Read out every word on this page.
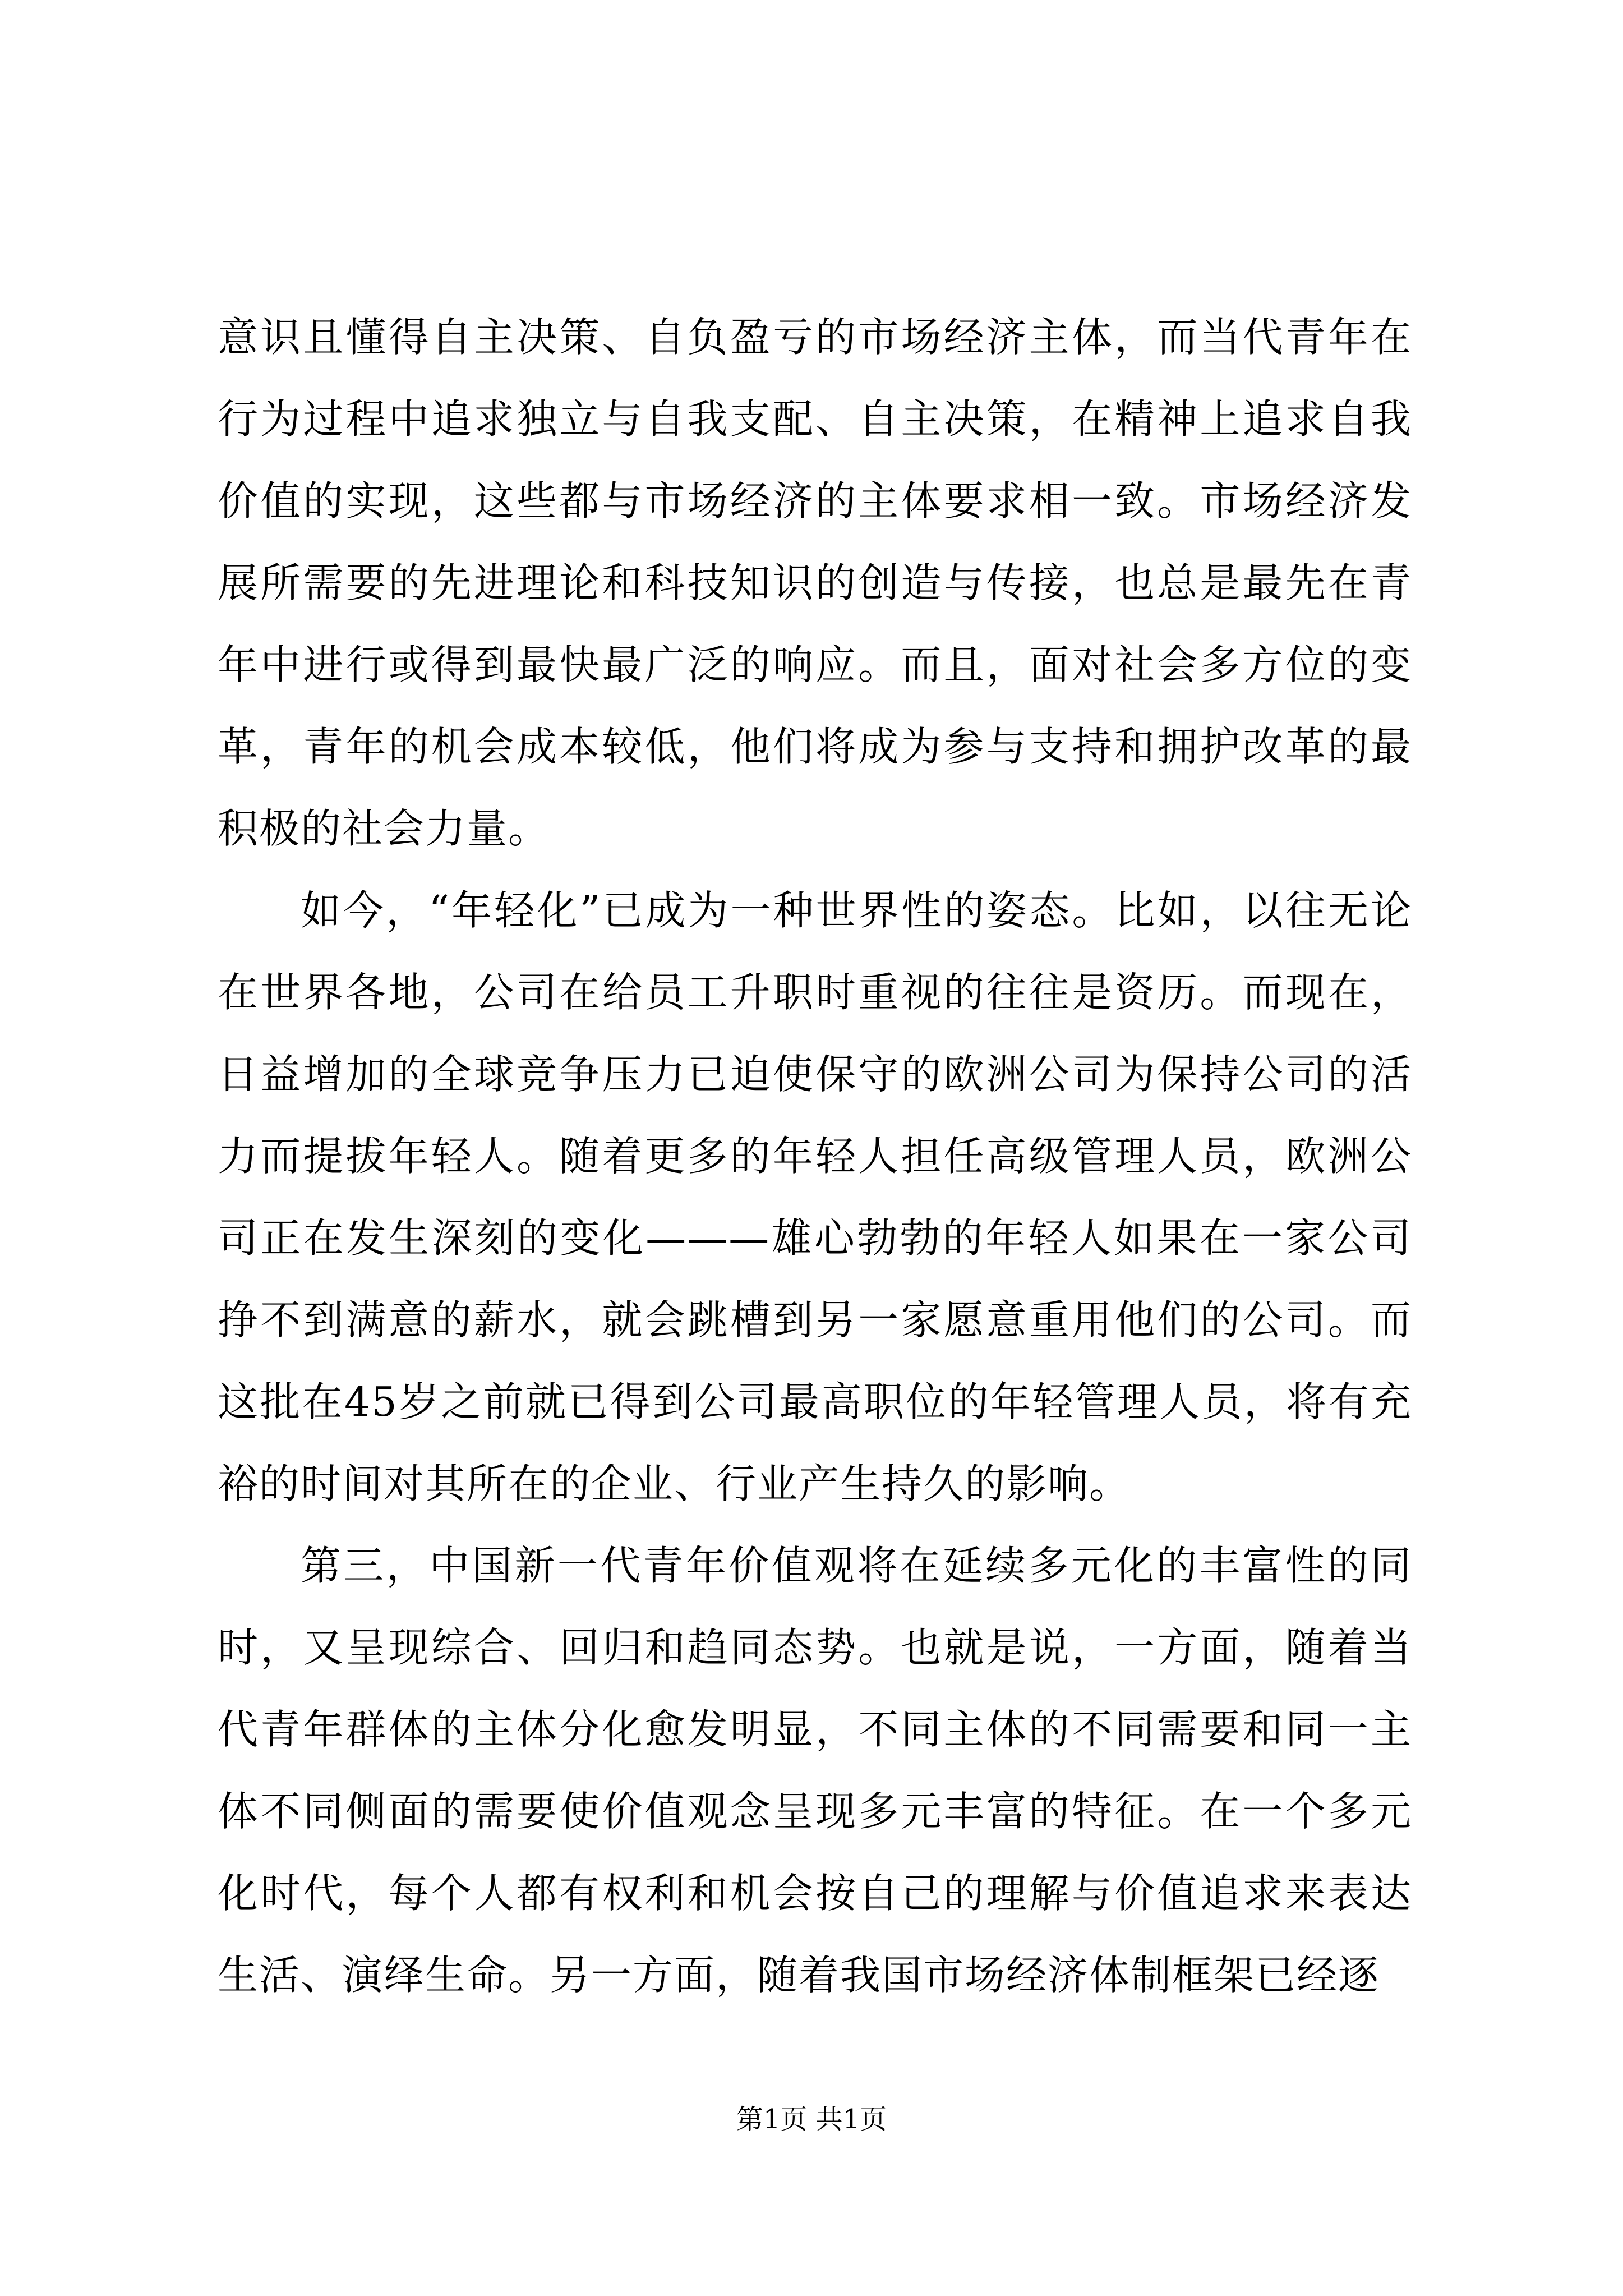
意识且懂得自主决策、自负盈亏的市场经济主体，而当代青年在行为过程中追求独立与自我支配、自主决策，在精神上追求自我价值的实现，这些都与市场经济的主体要求相一致。市场经济发展所需要的先进理论和科技知识的创造与传接，也总是最先在青年中进行或得到最快最广泛的响应。而且，面对社会多方位的变革，青年的机会成本较低，他们将成为参与支持和拥护改革的最积极的社会力量。

如今，“年轻化”已成为一种世界性的姿态。比如，以往无论在世界各地，公司在给员工升职时重视的往往是资历。而现在，日益增加的全球竞争压力已迫使保守的欧洲公司为保持公司的活力而提拔年轻人。随着更多的年轻人担任高级管理人员，欧洲公司正在发生深刻的变化———雄心勃勃的年轻人如果在一家公司挣不到满意的薪水，就会跳槽到另一家愿意重用他们的公司。而这批在45岁之前就已得到公司最高职位的年轻管理人员，将有充裕的时间对其所在的企业、行业产生持久的影响。

第三，中国新一代青年价值观将在延续多元化的丰富性的同时，又呈现综合、回归和趋同态势。也就是说，一方面，随着当代青年群体的主体分化愈发明显，不同主体的不同需要和同一主体不同侧面的需要使价值观念呈现多元丰富的特征。在一个多元化时代，每个人都有权利和机会按自己的理解与价值追求来表达生活、演绎生命。另一方面，随着我国市场经济体制框架已经逐

第1页 共1页
